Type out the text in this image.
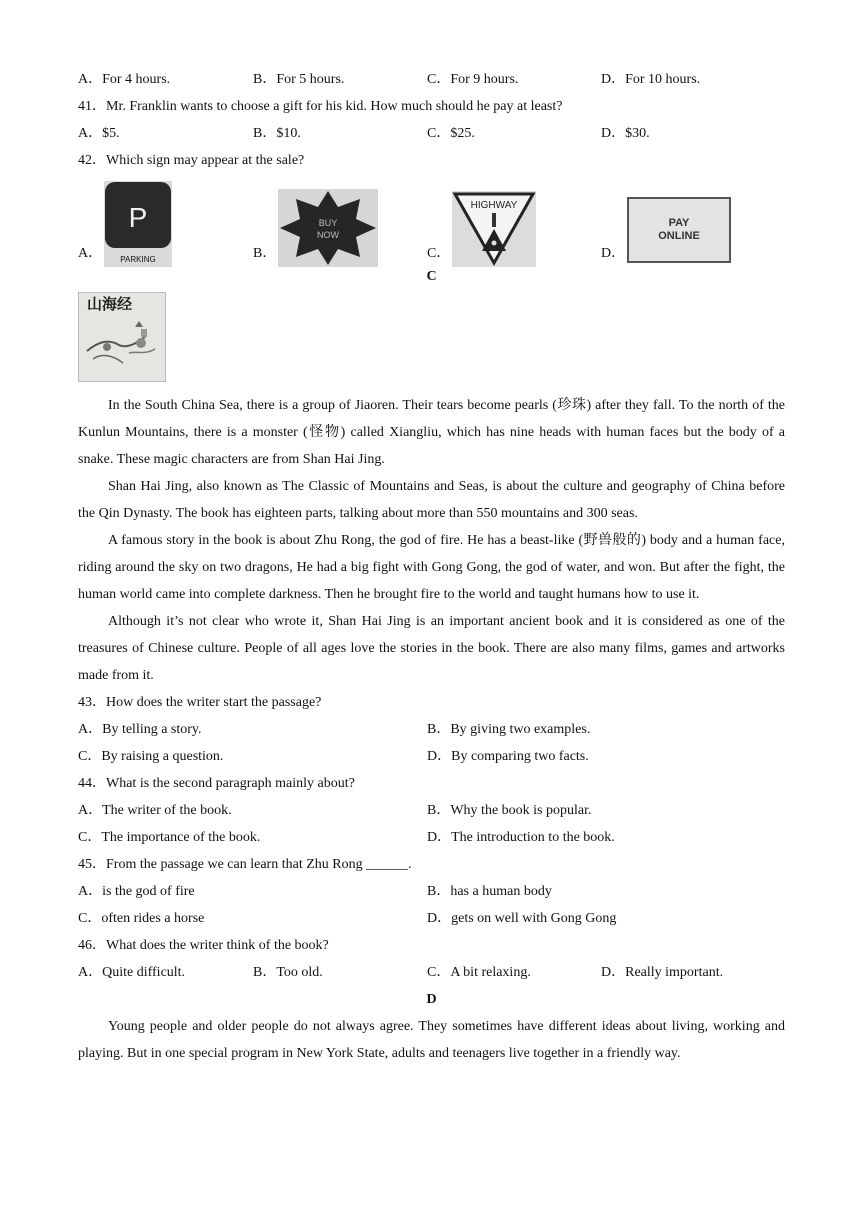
A．For 4 hours.	B．For 5 hours.	C．For 9 hours.	D．For 10 hours.
41．Mr. Franklin wants to choose a gift for his kid. How much should he pay at least?
A．$5.	B．$10.	C．$25.	D．$30.
42．Which sign may appear at the sale?
A．
P
PARKING	B．
BUY
NOW
C．
HIGHWAY
D．
PAY
ONLINE
C
山海经

In the South China Sea, there is a group of Jiaoren. Their tears become pearls (珍珠) after they fall. To the north of the Kunlun Mountains, there is a monster (怪物) called Xiangliu, which has nine heads with human faces but the body of a snake. These magic characters are from Shan Hai Jing.

Shan Hai Jing, also known as The Classic of Mountains and Seas, is about the culture and geography of China before the Qin Dynasty. The book has eighteen parts, talking about more than 550 mountains and 300 seas.

A famous story in the book is about Zhu Rong, the god of fire. He has a beast-like (野兽般的) body and a human face, riding around the sky on two dragons, He had a big fight with Gong Gong, the god of water, and won. But after the fight, the human world came into complete darkness. Then he brought fire to the world and taught humans how to use it.

Although it’s not clear who wrote it, Shan Hai Jing is an important ancient book and it is considered as one of the treasures of Chinese culture. People of all ages love the stories in the book. There are also many films, games and artworks made from it.

43．How does the writer start the passage?
A．By telling a story.	B．By giving two examples.
C．By raising a question.	D．By comparing two facts.
44．What is the second paragraph mainly about?
A．The writer of the book.	B．Why the book is popular.
C．The importance of the book.	D．The introduction to the book.
45．From the passage we can learn that Zhu Rong ______.
A．is the god of fire	B．has a human body
C．often rides a horse	D．gets on well with Gong Gong
46．What does the writer think of the book?
A．Quite difficult.	B．Too old.	C．A bit relaxing.	D．Really important.
D

Young people and older people do not always agree. They sometimes have different ideas about living, working and playing. But in one special program in New York State, adults and teenagers live together in a friendly way.
